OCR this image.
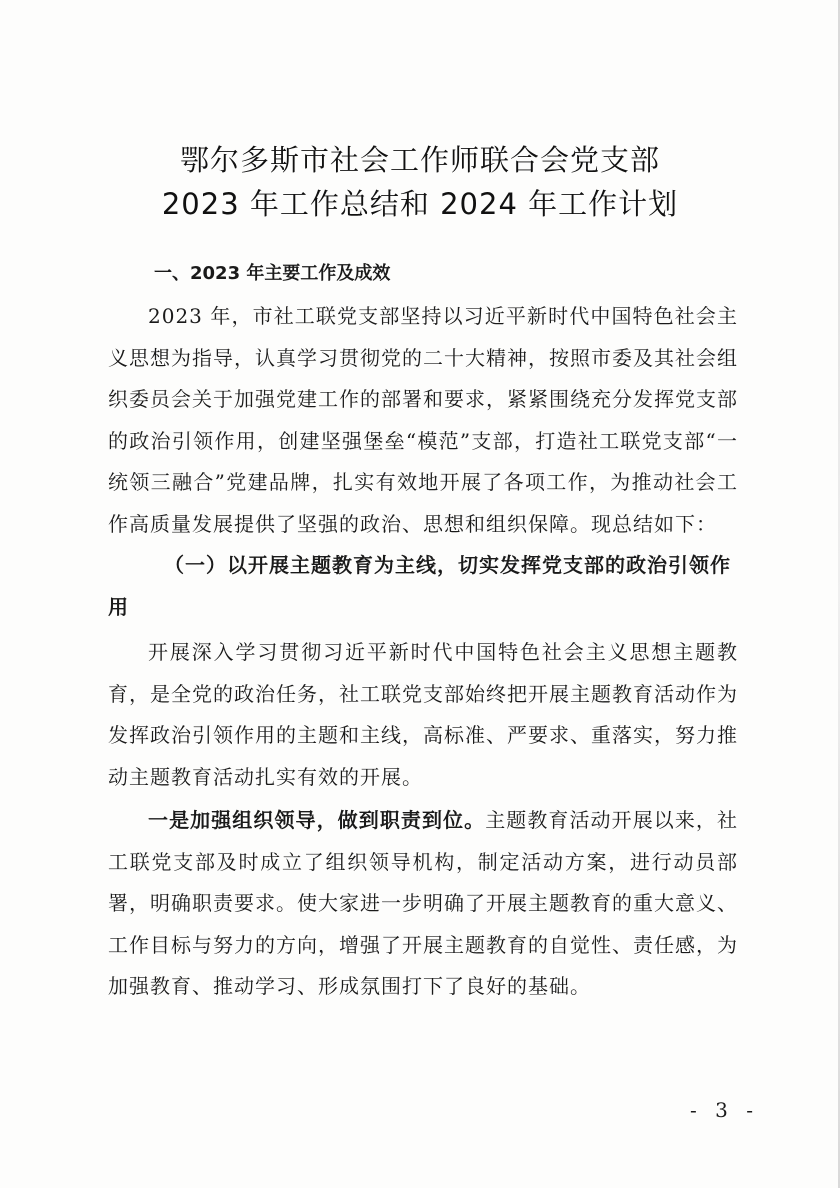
鄂尔多斯市社会工作师联合会党支部
2023 年工作总结和 2024 年工作计划
一、2023 年主要工作及成效

2023 年，市社工联党支部坚持以习近平新时代中国特色社会主义思想为指导，认真学习贯彻党的二十大精神，按照市委及其社会组织委员会关于加强党建工作的部署和要求，紧紧围绕充分发挥党支部的政治引领作用，创建坚强堡垒“模范”支部，打造社工联党支部“一统领三融合”党建品牌，扎实有效地开展了各项工作，为推动社会工作高质量发展提供了坚强的政治、思想和组织保障。现总结如下：

（一）以开展主题教育为主线，切实发挥党支部的政治引领作用

开展深入学习贯彻习近平新时代中国特色社会主义思想主题教育，是全党的政治任务，社工联党支部始终把开展主题教育活动作为发挥政治引领作用的主题和主线，高标准、严要求、重落实，努力推动主题教育活动扎实有效的开展。

一是加强组织领导，做到职责到位。主题教育活动开展以来，社工联党支部及时成立了组织领导机构，制定活动方案，进行动员部署，明确职责要求。使大家进一步明确了开展主题教育的重大意义、工作目标与努力的方向，增强了开展主题教育的自觉性、责任感，为加强教育、推动学习、形成氛围打下了良好的基础。

- 3 -
